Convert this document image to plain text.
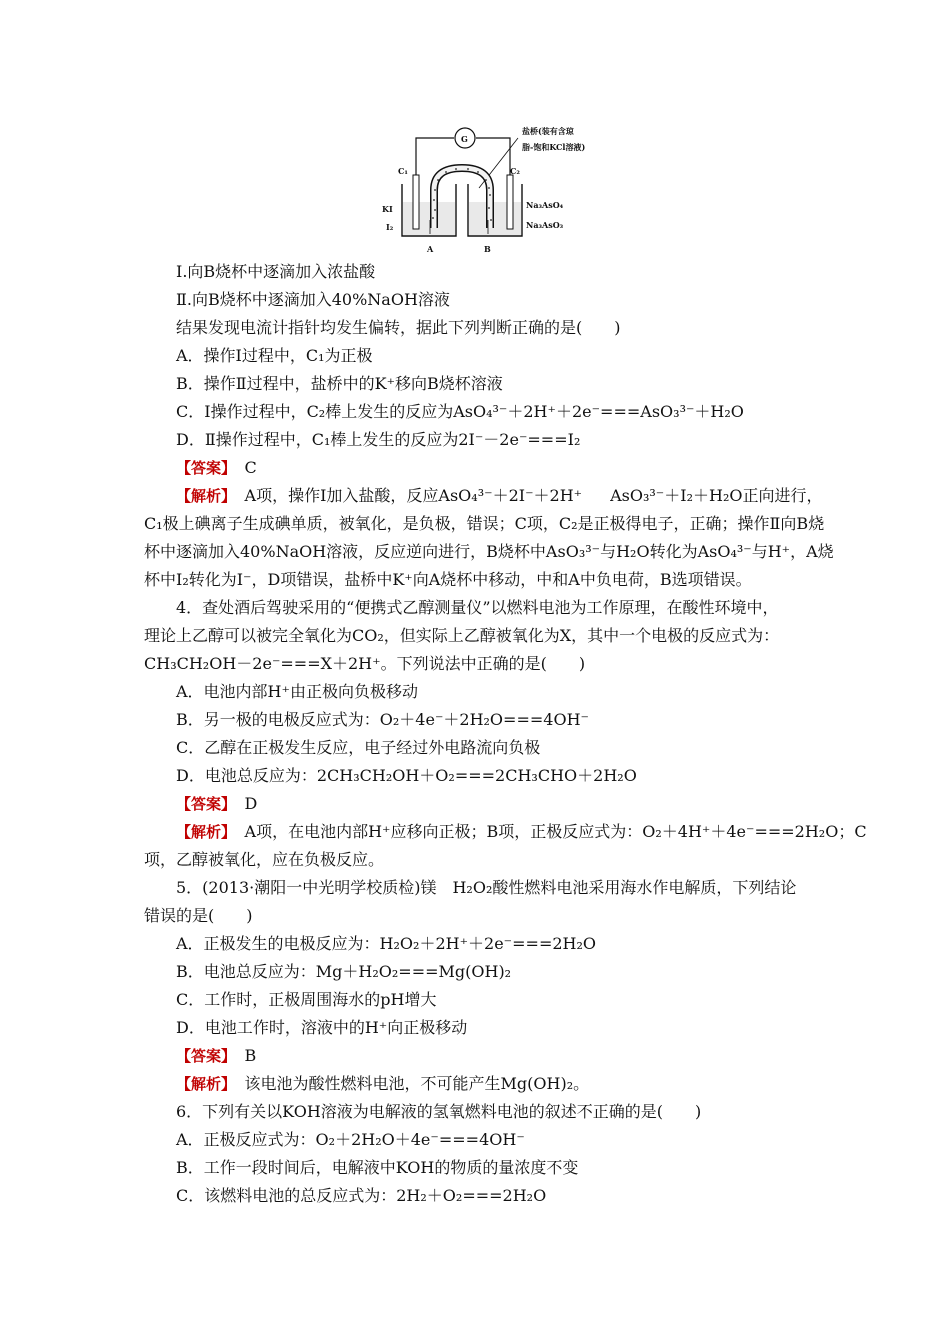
G
盐桥(装有含琼
脂-饱和KCl溶液)
C₁	C₂
KI
I₂
Na₃AsO₄
Na₃AsO₃
A	B
Ⅰ.向B烧杯中逐滴加入浓盐酸
Ⅱ.向B烧杯中逐滴加入40%NaOH溶液
结果发现电流计指针均发生偏转，据此下列判断正确的是(　　)
A．操作Ⅰ过程中，C₁为正极
B．操作Ⅱ过程中，盐桥中的K⁺移向B烧杯溶液
C．Ⅰ操作过程中，C₂棒上发生的反应为AsO₄³⁻＋2H⁺＋2e⁻===AsO₃³⁻＋H₂O
D．Ⅱ操作过程中，C₁棒上发生的反应为2I⁻－2e⁻===I₂
【答案】　 C
【解析】　 A项，操作Ⅰ加入盐酸，反应AsO₄³⁻＋2I⁻＋2H⁺ AsO₃³⁻＋I₂＋H₂O正向进行，
C₁极上碘离子生成碘单质，被氧化，是负极，错误；C项，C₂是正极得电子，正确；操作Ⅱ向B烧
杯中逐滴加入40%NaOH溶液，反应逆向进行，B烧杯中AsO₃³⁻与H₂O转化为AsO₄³⁻与H⁺，A烧
杯中I₂转化为I⁻，D项错误，盐桥中K⁺向A烧杯中移动，中和A中负电荷，B选项错误。
4．查处酒后驾驶采用的“便携式乙醇测量仪”以燃料电池为工作原理，在酸性环境中，
理论上乙醇可以被完全氧化为CO₂，但实际上乙醇被氧化为X，其中一个电极的反应式为：
CH₃CH₂OH－2e⁻===X＋2H⁺。下列说法中正确的是(　　)
A．电池内部H⁺由正极向负极移动
B．另一极的电极反应式为：O₂＋4e⁻＋2H₂O===4OH⁻
C．乙醇在正极发生反应，电子经过外电路流向负极
D．电池总反应为：2CH₃CH₂OH＋O₂===2CH₃CHO＋2H₂O
【答案】　 D
【解析】　 A项，在电池内部H⁺应移向正极；B项，正极反应式为：O₂＋4H⁺＋4e⁻===2H₂O；C
项，乙醇被氧化，应在负极反应。
5．(2013·潮阳一中光明学校质检)镁　H₂O₂酸性燃料电池采用海水作电解质，下列结论
错误的是(　　)
A．正极发生的电极反应为：H₂O₂＋2H⁺＋2e⁻===2H₂O
B．电池总反应为：Mg＋H₂O₂===Mg(OH)₂
C．工作时，正极周围海水的pH增大
D．电池工作时，溶液中的H⁺向正极移动
【答案】　 B
【解析】　 该电池为酸性燃料电池，不可能产生Mg(OH)₂。
6．下列有关以KOH溶液为电解液的氢氧燃料电池的叙述不正确的是(　　)
A．正极反应式为：O₂＋2H₂O＋4e⁻===4OH⁻
B．工作一段时间后，电解液中KOH的物质的量浓度不变
C．该燃料电池的总反应式为：2H₂＋O₂===2H₂O
